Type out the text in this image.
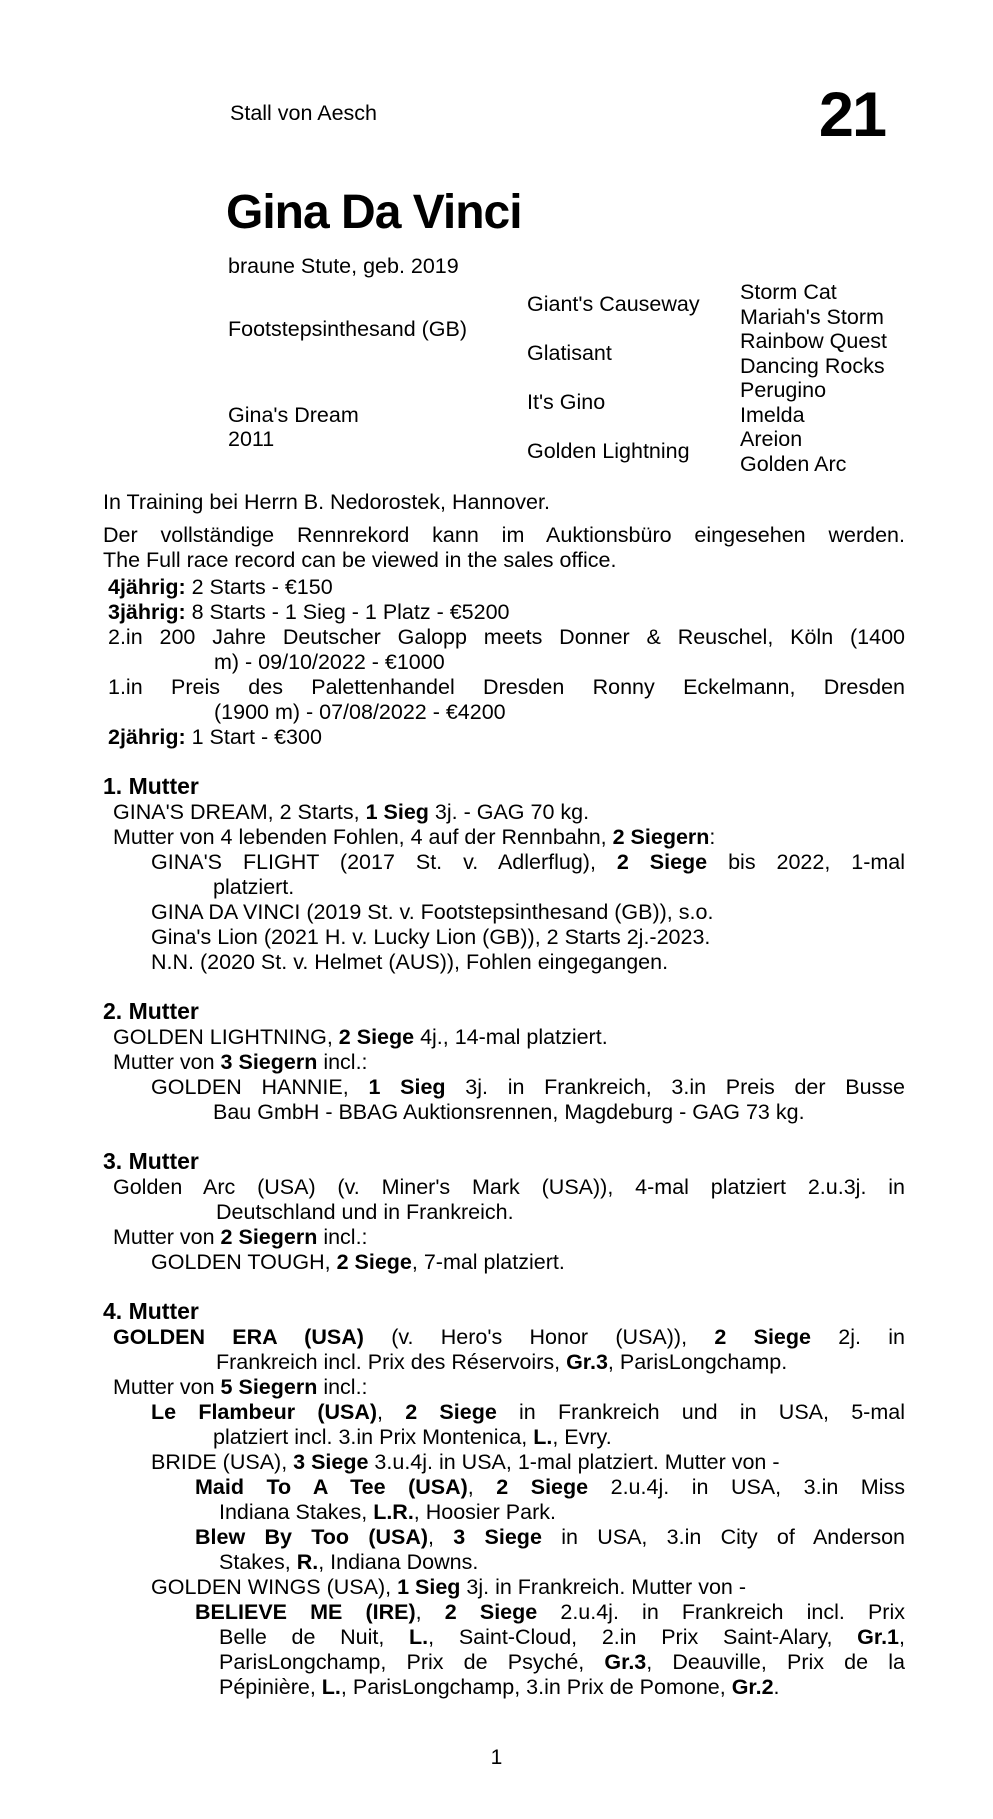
Stall von Aesch	21
Gina Da Vinci
braune Stute, geb. 2019
Footstepsinthesand (GB)
Gina's Dream
2011
Giant's Causeway
Glatisant
It's Gino
Golden Lightning
Storm Cat
Mariah's Storm
Rainbow Quest
Dancing Rocks
Perugino
Imelda
Areion
Golden Arc
In Training bei Herrn B. Nedorostek, Hannover.
Der vollständige Rennrekord kann im Auktionsbüro eingesehen werden.
The Full race record can be viewed in the sales office.
4jährig: 2 Starts - €150
3jährig: 8 Starts - 1 Sieg - 1 Platz - €5200
2.in 200 Jahre Deutscher Galopp meets Donner & Reuschel, Köln (1400
m) - 09/10/2022 - €1000
1.in Preis des Palettenhandel Dresden Ronny Eckelmann, Dresden
(1900 m) - 07/08/2022 - €4200
2jährig: 1 Start - €300
1. Mutter
GINA'S DREAM, 2 Starts, 1 Sieg 3j. - GAG 70 kg.
Mutter von 4 lebenden Fohlen, 4 auf der Rennbahn, 2 Siegern:
GINA'S FLIGHT (2017 St. v. Adlerflug), 2 Siege bis 2022, 1-mal
platziert.
GINA DA VINCI (2019 St. v. Footstepsinthesand (GB)), s.o.
Gina's Lion (2021 H. v. Lucky Lion (GB)), 2 Starts 2j.-2023.
N.N. (2020 St. v. Helmet (AUS)), Fohlen eingegangen.
2. Mutter
GOLDEN LIGHTNING, 2 Siege 4j., 14-mal platziert.
Mutter von 3 Siegern incl.:
GOLDEN HANNIE, 1 Sieg 3j. in Frankreich, 3.in Preis der Busse
Bau GmbH - BBAG Auktionsrennen, Magdeburg - GAG 73 kg.
3. Mutter
Golden Arc (USA) (v. Miner's Mark (USA)), 4-mal platziert 2.u.3j. in
Deutschland und in Frankreich.
Mutter von 2 Siegern incl.:
GOLDEN TOUGH, 2 Siege, 7-mal platziert.
4. Mutter
GOLDEN ERA (USA) (v. Hero's Honor (USA)), 2 Siege 2j. in
Frankreich incl. Prix des Réservoirs, Gr.3, ParisLongchamp.
Mutter von 5 Siegern incl.:
Le Flambeur (USA), 2 Siege in Frankreich und in USA, 5-mal
platziert incl. 3.in Prix Montenica, L., Evry.
BRIDE (USA), 3 Siege 3.u.4j. in USA, 1-mal platziert. Mutter von -
Maid To A Tee (USA), 2 Siege 2.u.4j. in USA, 3.in Miss
Indiana Stakes, L.R., Hoosier Park.
Blew By Too (USA), 3 Siege in USA, 3.in City of Anderson
Stakes, R., Indiana Downs.
GOLDEN WINGS (USA), 1 Sieg 3j. in Frankreich. Mutter von -
BELIEVE ME (IRE), 2 Siege 2.u.4j. in Frankreich incl. Prix
Belle de Nuit, L., Saint-Cloud, 2.in Prix Saint-Alary, Gr.1,
ParisLongchamp, Prix de Psyché, Gr.3, Deauville, Prix de la
Pépinière, L., ParisLongchamp, 3.in Prix de Pomone, Gr.2.
1
